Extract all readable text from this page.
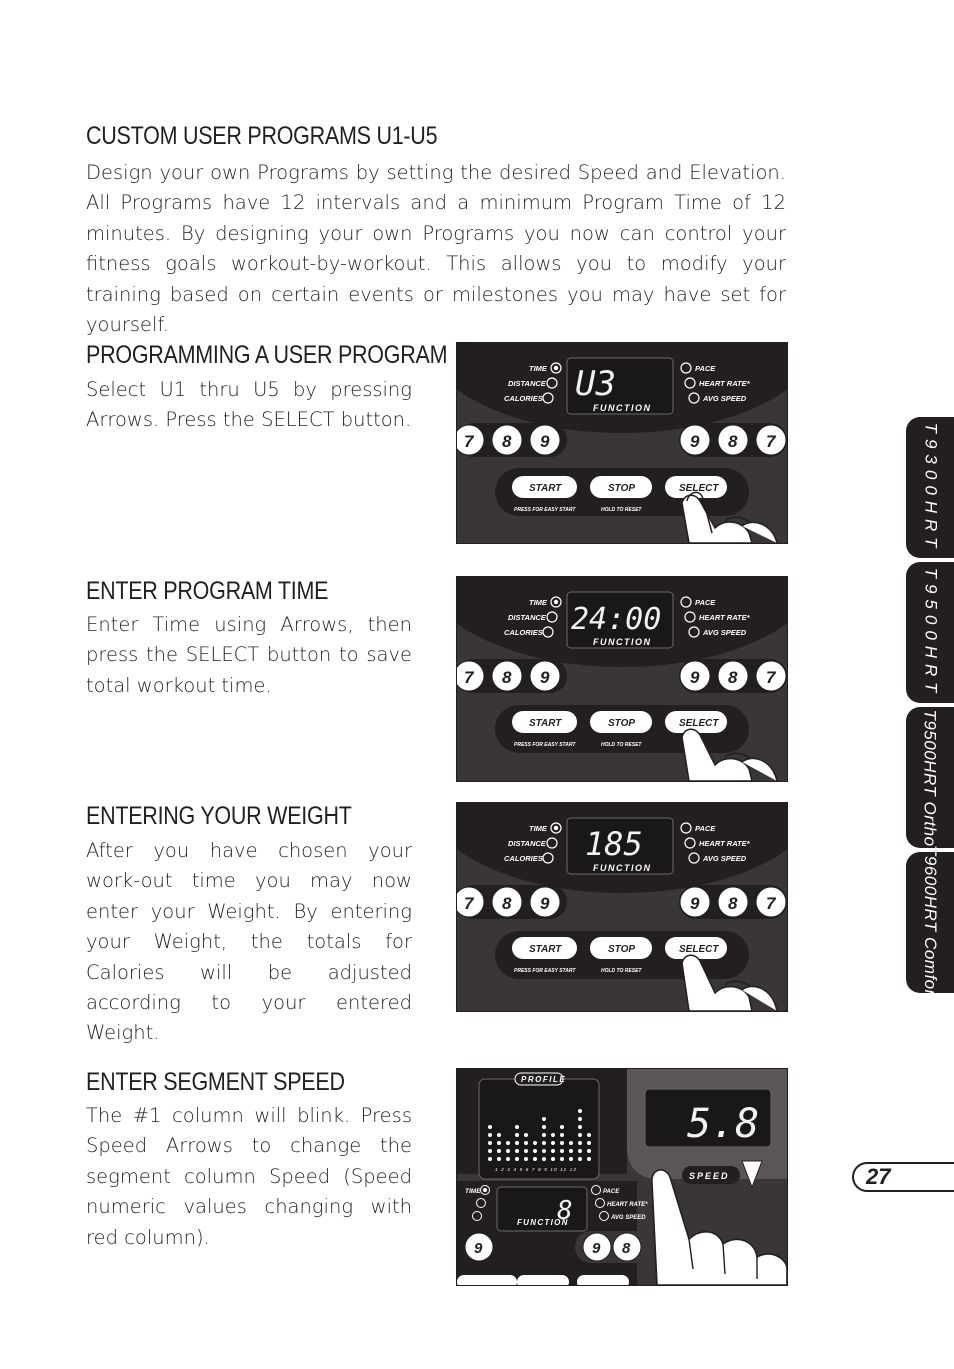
CUSTOM USER PROGRAMS U1-U5

Design your own Programs by setting the desired Speed and Elevation. All Programs have 12 intervals and a minimum Program Time of 12 minutes. By designing your own Programs you now can control your fitness goals workout-by-workout. This allows you to modify your training based on certain events or milestones you may have set for yourself.

PROGRAMMING A USER PROGRAM

Select U1 thru U5 by pressing Arrows. Press the SELECT button.

ENTER PROGRAM TIME

Enter Time using Arrows, then press the SELECT button to save total workout time.

ENTERING YOUR WEIGHT

After you have chosen your work-out time you may now enter your Weight. By entering your Weight, the totals for Calories will be adjusted according to your entered Weight.

ENTER SEGMENT SPEED

The #1 column will blink. Press Speed Arrows to change the segment column Speed (Speed numeric values changing with red column).

U3
FUNCTION
TIME
DISTANCE
CALORIES
PACE
HEART RATE*
AVG SPEED
7 8 9	9 8 7
START	STOP	SELECT
PRESS FOR EASY START	HOLD TO RESET
24:00
FUNCTION
TIME
DISTANCE
CALORIES
PACE
HEART RATE*
AVG SPEED
7 8 9	9 8 7
START	STOP	SELECT
PRESS FOR EASY START	HOLD TO RESET
185
FUNCTION
TIME
DISTANCE
CALORIES
PACE
HEART RATE*
AVG SPEED
7 8 9	9 8 7
START	STOP	SELECT
PRESS FOR EASY START	HOLD TO RESET
PROFILE
1 2 3 4 5 6 7 8 9 10 11 12
5.8
SPEED
8
FUNCTION
TIME	PACE
HEART RATE*
AVG SPEED
9	9 8
T9300HRT
T9500HRT
T9500HRT Ortho
T9600HRT Comfort
27
